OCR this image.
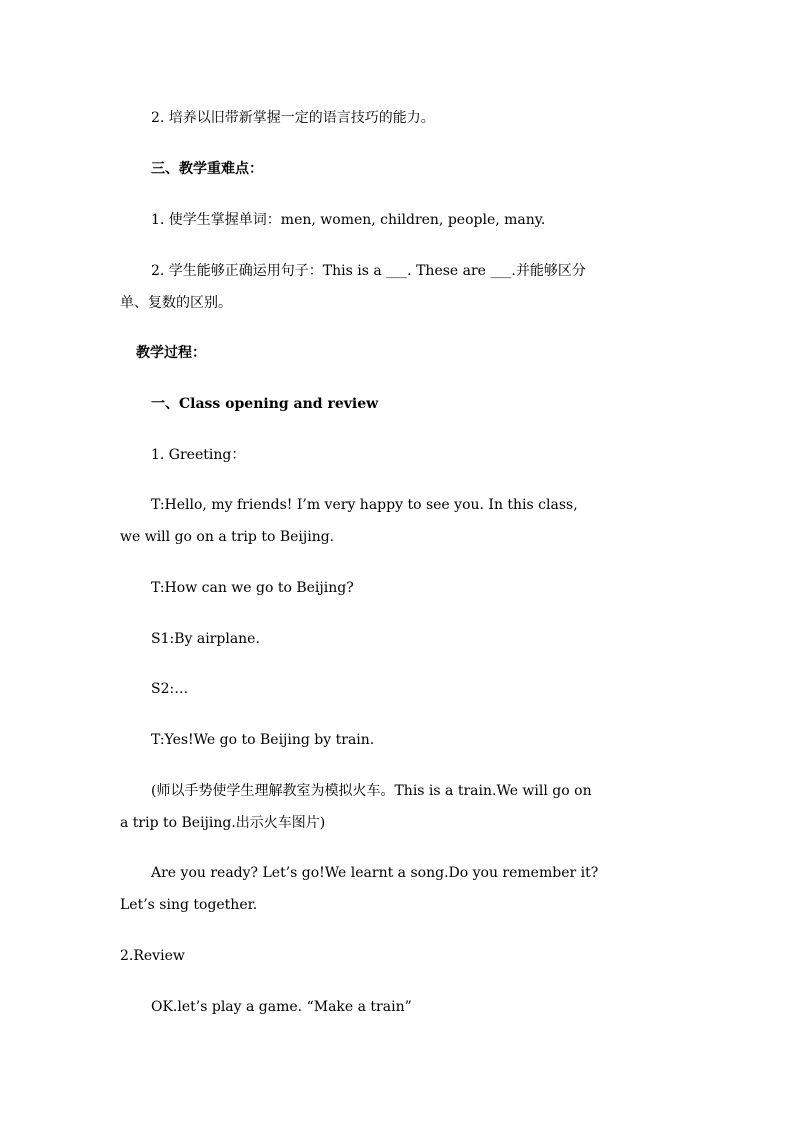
2. 培养以旧带新掌握一定的语言技巧的能力。
三、教学重难点：
1. 使学生掌握单词：men, women, children, people, many.
2. 学生能够正确运用句子：This is a ___. These are ___.并能够区分
单、复数的区别。
教学过程：
一、Class opening and review
1. Greeting：
T:Hello, my friends! I’m very happy to see you. In this class,
we will go on a trip to Beijing.
T:How can we go to Beijing?
S1:By airplane.
S2:…
T:Yes!We go to Beijing by train.
(师以手势使学生理解教室为模拟火车。This is a train.We will go on
a trip to Beijing.出示火车图片)
Are you ready? Let’s go!We learnt a song.Do you remember it?
Let’s sing together.
2.Review
OK.let’s play a game. “Make a train”
